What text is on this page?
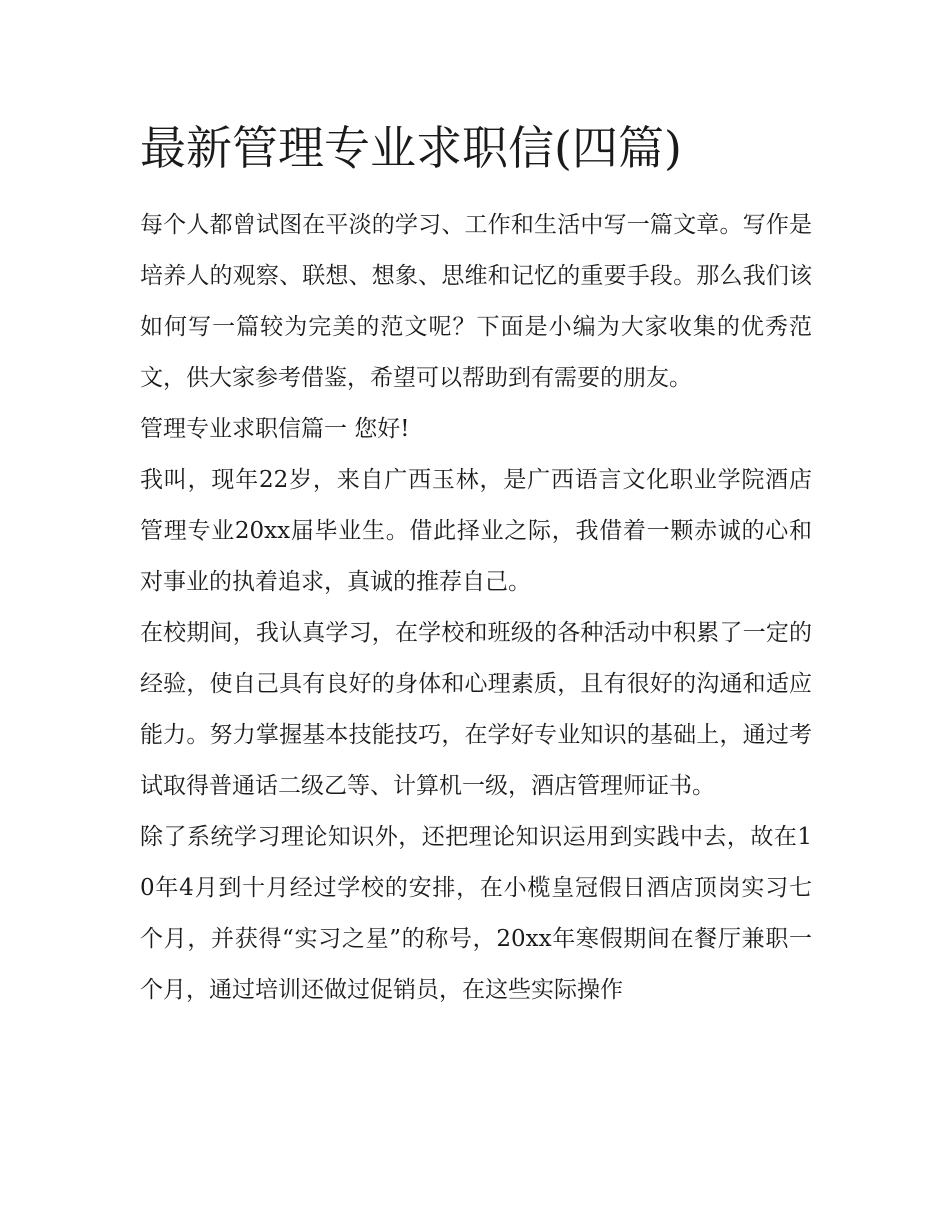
最新管理专业求职信(四篇)

每个人都曾试图在平淡的学习、工作和生活中写一篇文章。写作是培养人的观察、联想、想象、思维和记忆的重要手段。那么我们该如何写一篇较为完美的范文呢？下面是小编为大家收集的优秀范文，供大家参考借鉴，希望可以帮助到有需要的朋友。

管理专业求职信篇一 您好!

我叫，现年22岁，来自广西玉林，是广西语言文化职业学院酒店管理专业20xx届毕业生。借此择业之际，我借着一颗赤诚的心和对事业的执着追求，真诚的推荐自己。

在校期间，我认真学习，在学校和班级的各种活动中积累了一定的经验，使自己具有良好的身体和心理素质，且有很好的沟通和适应能力。努力掌握基本技能技巧，在学好专业知识的基础上，通过考试取得普通话二级乙等、计算机一级，酒店管理师证书。

除了系统学习理论知识外，还把理论知识运用到实践中去，故在10年4月到十月经过学校的安排，在小榄皇冠假日酒店顶岗实习七个月，并获得“实习之星”的称号，20xx年寒假期间在餐厅兼职一个月，通过培训还做过促销员，在这些实际操作
